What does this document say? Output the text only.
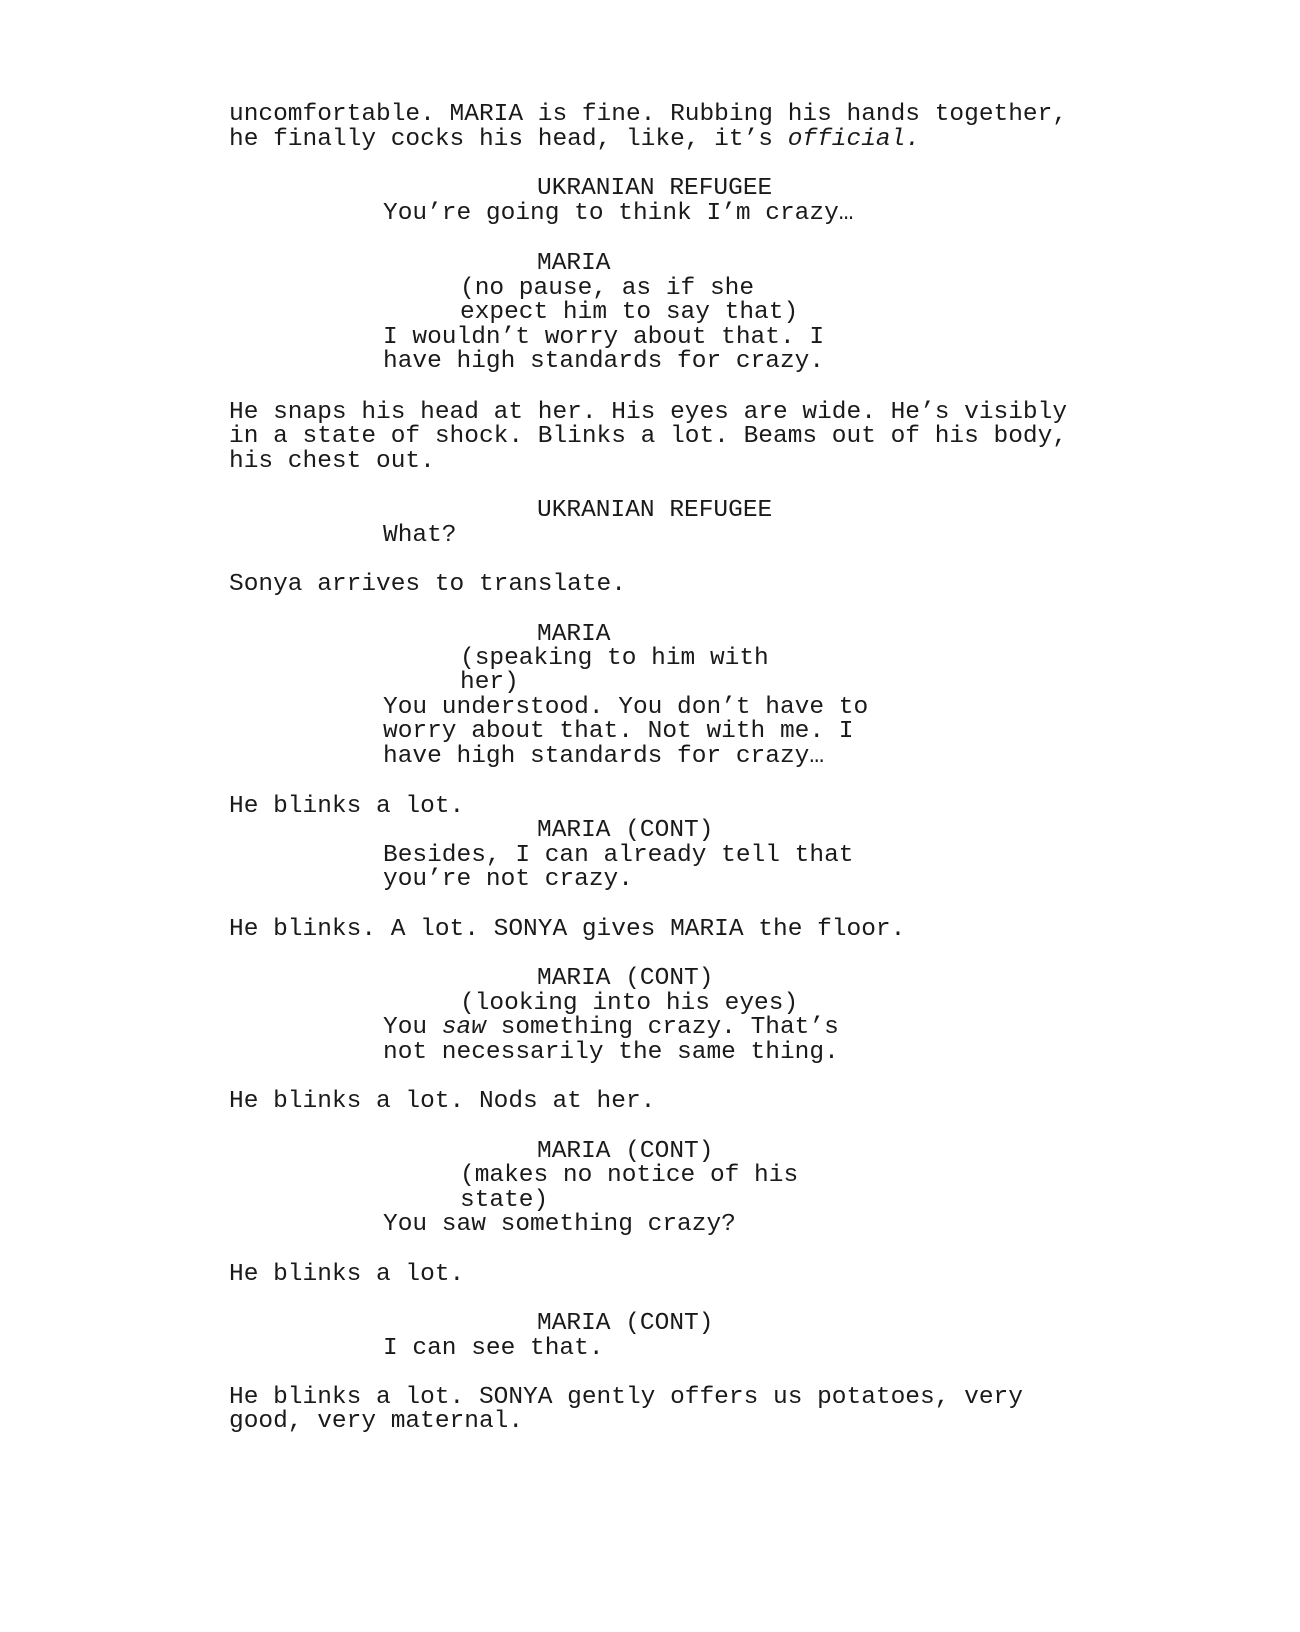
uncomfortable. MARIA is fine. Rubbing his hands together,
he finally cocks his head, like, it’s official.
UKRANIAN REFUGEE
You’re going to think I’m crazy…
MARIA
(no pause, as if she
expect him to say that)
I wouldn’t worry about that. I
have high standards for crazy.
He snaps his head at her. His eyes are wide. He’s visibly
in a state of shock. Blinks a lot. Beams out of his body,
his chest out.
UKRANIAN REFUGEE
What?
Sonya arrives to translate.
MARIA
(speaking to him with
her)
You understood. You don’t have to
worry about that. Not with me. I
have high standards for crazy…
He blinks a lot.
MARIA (CONT)
Besides, I can already tell that
you’re not crazy.
He blinks. A lot. SONYA gives MARIA the floor.
MARIA (CONT)
(looking into his eyes)
You saw something crazy. That’s
not necessarily the same thing.
He blinks a lot. Nods at her.
MARIA (CONT)
(makes no notice of his
state)
You saw something crazy?
He blinks a lot.
MARIA (CONT)
I can see that.
He blinks a lot. SONYA gently offers us potatoes, very
good, very maternal.
